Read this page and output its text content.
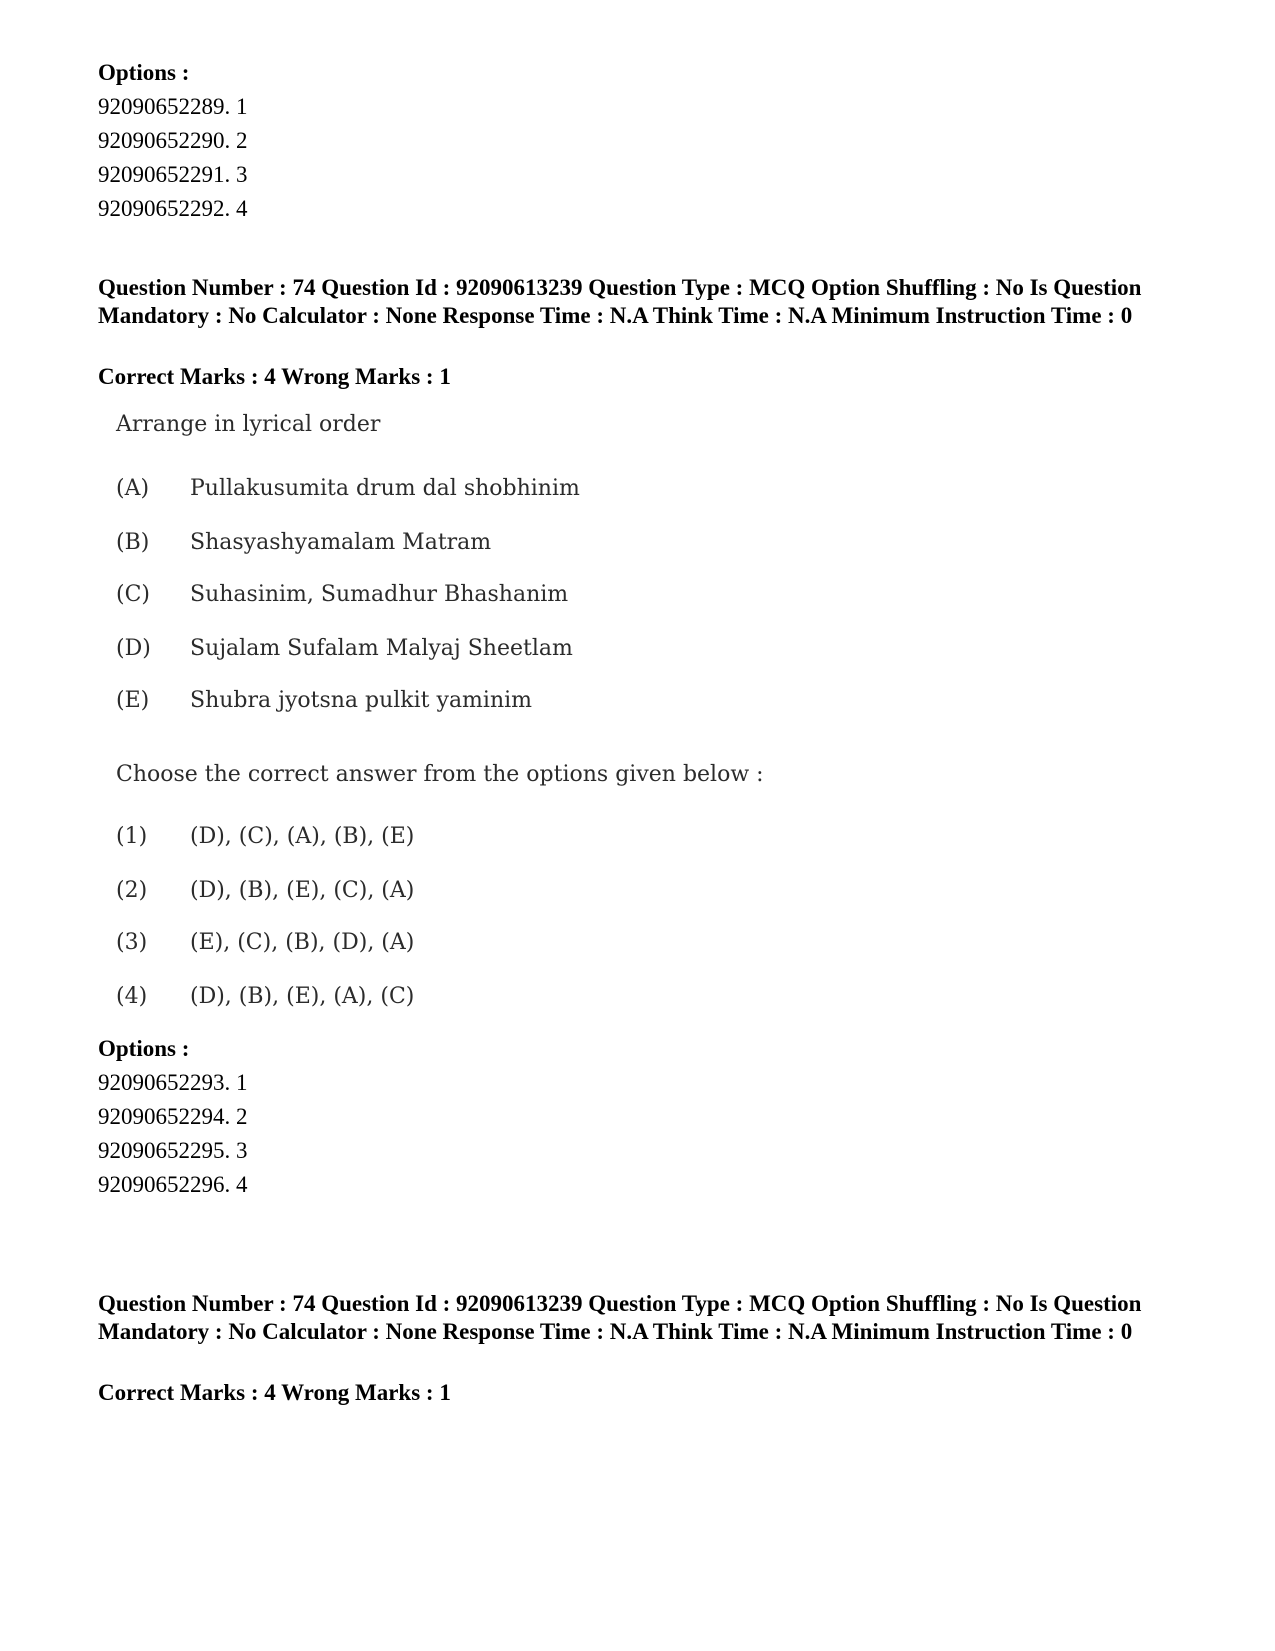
Options :
92090652289. 1
92090652290. 2
92090652291. 3
92090652292. 4
Question Number : 74 Question Id : 92090613239 Question Type : MCQ Option Shuffling : No Is Question Mandatory : No Calculator : None Response Time : N.A Think Time : N.A Minimum Instruction Time : 0
Correct Marks : 4 Wrong Marks : 1
Arrange in lyrical order
(A) Pullakusumita drum dal shobhinim
(B) Shasyashyamalam Matram
(C) Suhasinim, Sumadhur Bhashanim
(D) Sujalam Sufalam Malyaj Sheetlam
(E) Shubra jyotsna pulkit yaminim
Choose the correct answer from the options given below :
(1) (D), (C), (A), (B), (E)
(2) (D), (B), (E), (C), (A)
(3) (E), (C), (B), (D), (A)
(4) (D), (B), (E), (A), (C)
Options :
92090652293. 1
92090652294. 2
92090652295. 3
92090652296. 4
Question Number : 74 Question Id : 92090613239 Question Type : MCQ Option Shuffling : No Is Question Mandatory : No Calculator : None Response Time : N.A Think Time : N.A Minimum Instruction Time : 0
Correct Marks : 4 Wrong Marks : 1
